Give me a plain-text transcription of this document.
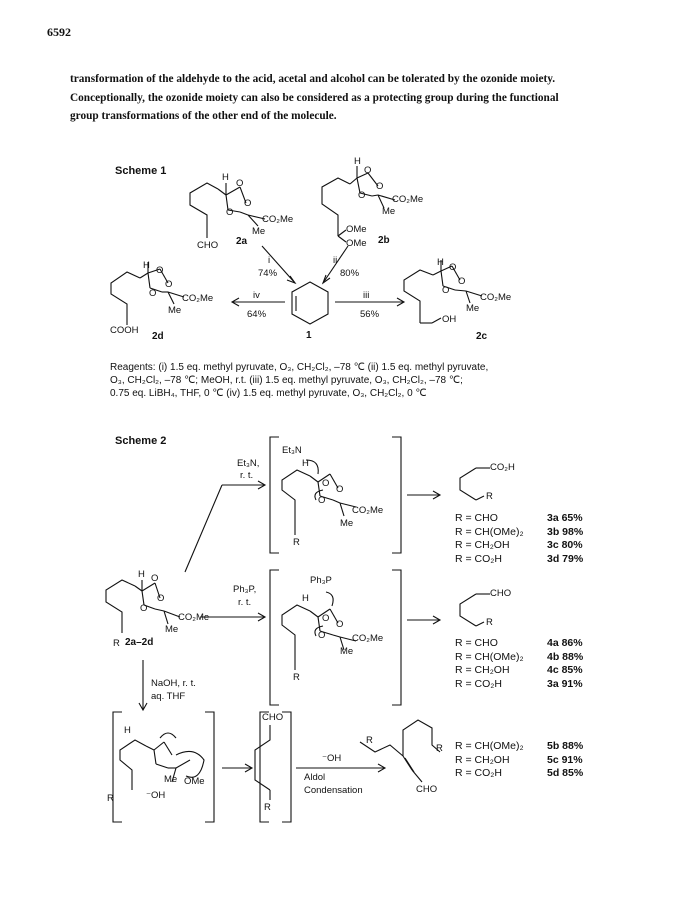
6592
transformation of the aldehyde to the acid, acetal and alcohol can be tolerated by the ozonide moiety.
Conceptionally, the ozonide moiety can also be considered as a protecting group during the functional
group transformations of the other end of the molecule.
Scheme 1
H
O
O
O
CO₂Me
Me
CHO 2a
H
O
O
O	CO₂Me
Me
OMe
OMe 2b
i
74%
ii
80%
iii
56%
iv
64%
1
H O
O
O	CO₂Me
Me
COOH
2d
H O
O
O
CO₂Me
Me
OH
2c
Reagents: (i) 1.5 eq. methyl pyruvate, O₃, CH₂Cl₂, –78 ℃ (ii) 1.5 eq. methyl pyruvate,
O₃, CH₂Cl₂, –78 ℃; MeOH, r.t. (iii) 1.5 eq. methyl pyruvate, O₃, CH₂Cl₂, –78 ℃;
0.75 eq. LiBH₄, THF, 0 ℃ (iv) 1.5 eq. methyl pyruvate, O₃, CH₂Cl₂, 0 ℃
Scheme 2
H O
O
O
CO₂Me
Me
R 2a–2d
Et₃N,
r. t.
Et₃N
H
O
O
O
CO₂Me
Me
R
CO₂H
R
R = CHO	3a 65%
R = CH(OMe)₂ 3b 98%
R = CH₂OH	3c 80%
R = CO₂H	3d 79%
Ph₃P,
r. t.
Ph₃P
H
O
O
O	CO₂Me
Me
R
CHO
R
R = CHO	4a 86%
R = CH(OMe)₂ 4b 88%
R = CH₂OH	4c 85%
R = CO₂H	3a 91%
NaOH, r. t.
aq. THF
H
Me OMe
⁻OH
R
CHO
R
⁻OH
Aldol
Condensation
R
R
CHO
R = CH(OMe)₂ 5b 88%
R = CH₂OH	5c 91%
R = CO₂H	5d 85%
